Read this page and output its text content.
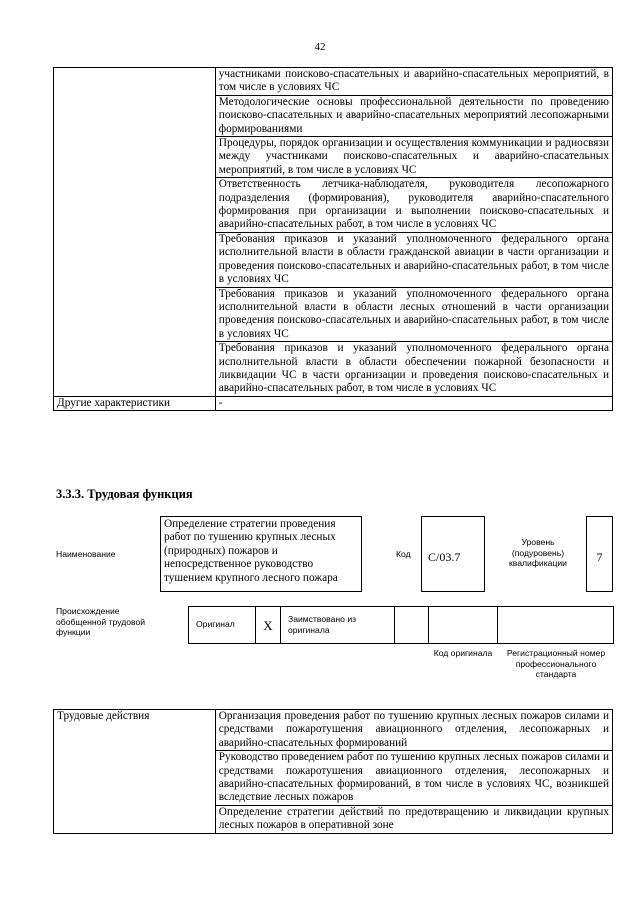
42
	участниками поисково-спасательных и аварийно-спасательных мероприятий, в том числе в условиях ЧС
	Методологические основы профессиональной деятельности по проведению поисково-спасательных и аварийно-спасательных мероприятий лесопожарными формированиями
	Процедуры, порядок организации и осуществления коммуникации и радиосвязи между участниками поисково-спасательных и аварийно-спасательных мероприятий, в том числе в условиях ЧС
	Ответственность летчика-наблюдателя, руководителя лесопожарного подразделения (формирования), руководителя аварийно-спасательного формирования при организации и выполнении поисково-спасательных и аварийно-спасательных работ, в том числе в условиях ЧС
	Требования приказов и указаний уполномоченного федерального органа исполнительной власти в области гражданской авиации в части организации и проведения поисково-спасательных и аварийно-спасательных работ, в том числе в условиях ЧС
	Требования приказов и указаний уполномоченного федерального органа исполнительной власти в области лесных отношений в части организации проведения поисково-спасательных и аварийно-спасательных работ, в том числе в условиях ЧС
	Требования приказов и указаний уполномоченного федерального органа исполнительной власти в области обеспечении пожарной безопасности и ликвидации ЧС в части организации и проведения поисково-спасательных и аварийно-спасательных работ, в том числе в условиях ЧС
Другие характеристики	-
3.3.3. Трудовая функция
Наименование
Определение стратегии проведения работ по тушению крупных лесных (природных) пожаров и непосредственное руководство тушением крупного лесного пожара
Код	C/03.7
Уровень (подуровень) квалификации	7
Происхождение обобщенной трудовой функции
Оригинал	X	Заимствовано из оригинала
Код оригинала	Регистрационный номер профессионального стандарта
Трудовые действия	Организация проведения работ по тушению крупных лесных пожаров силами и средствами пожаротушения авиационного отделения, лесопожарных и аварийно-спасательных формирований
Руководство проведением работ по тушению крупных лесных пожаров силами и средствами пожаротушения авиационного отделения, лесопожарных и аварийно-спасательных формирований, в том числе в условиях ЧС, возникшей вследствие лесных пожаров
Определение стратегии действий по предотвращению и ликвидации крупных лесных пожаров в оперативной зоне
